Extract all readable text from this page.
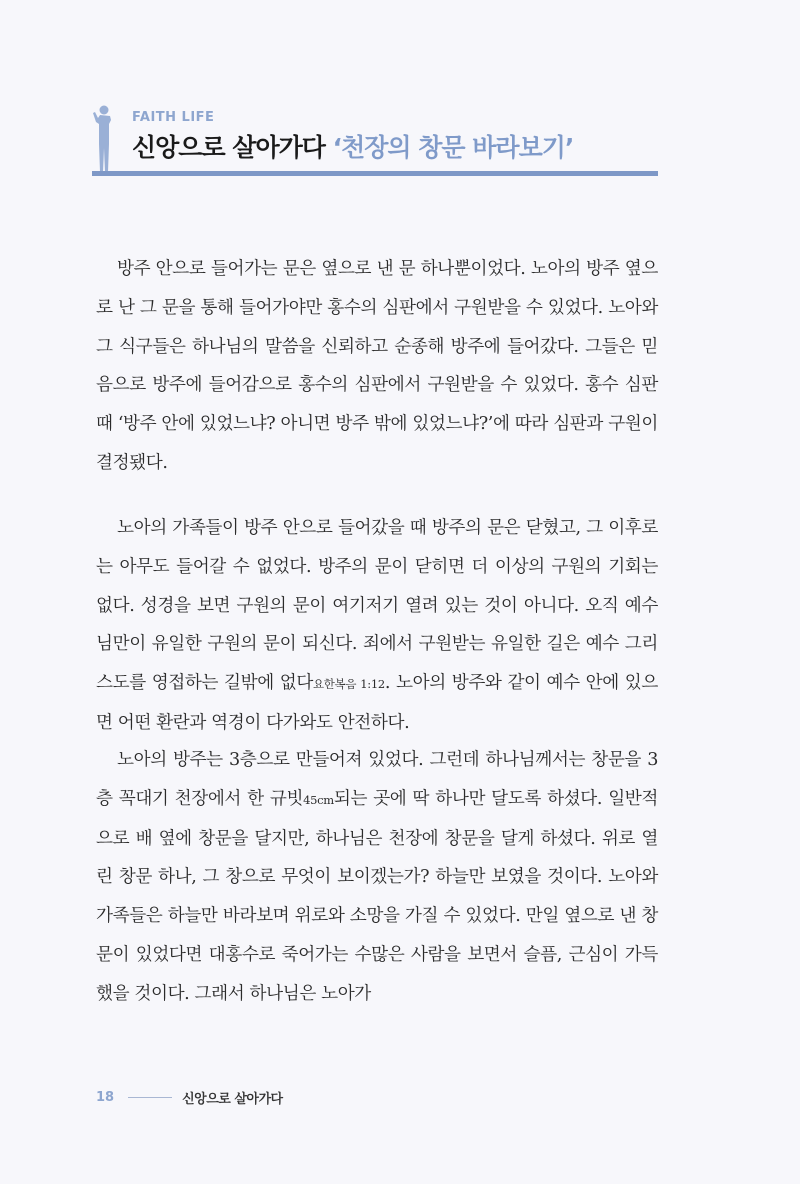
FAITH LIFE
신앙으로 살아가다 ‘천장의 창문 바라보기’

방주 안으로 들어가는 문은 옆으로 낸 문 하나뿐이었다. 노아의 방주 옆으로 난 그 문을 통해 들어가야만 홍수의 심판에서 구원받을 수 있었다. 노아와 그 식구들은 하나님의 말씀을 신뢰하고 순종해 방주에 들어갔다. 그들은 믿음으로 방주에 들어감으로 홍수의 심판에서 구원받을 수 있었다. 홍수 심판 때 ‘방주 안에 있었느냐? 아니면 방주 밖에 있었느냐?’에 따라 심판과 구원이 결정됐다.

노아의 가족들이 방주 안으로 들어갔을 때 방주의 문은 닫혔고, 그 이후로는 아무도 들어갈 수 없었다. 방주의 문이 닫히면 더 이상의 구원의 기회는 없다. 성경을 보면 구원의 문이 여기저기 열려 있는 것이 아니다. 오직 예수님만이 유일한 구원의 문이 되신다. 죄에서 구원받는 유일한 길은 예수 그리스도를 영접하는 길밖에 없다요한복음 1:12. 노아의 방주와 같이 예수 안에 있으면 어떤 환란과 역경이 다가와도 안전하다.

노아의 방주는 3층으로 만들어져 있었다. 그런데 하나님께서는 창문을 3층 꼭대기 천장에서 한 규빗45cm되는 곳에 딱 하나만 달도록 하셨다. 일반적으로 배 옆에 창문을 달지만, 하나님은 천장에 창문을 달게 하셨다. 위로 열린 창문 하나, 그 창으로 무엇이 보이겠는가? 하늘만 보였을 것이다. 노아와 가족들은 하늘만 바라보며 위로와 소망을 가질 수 있었다. 만일 옆으로 낸 창문이 있었다면 대홍수로 죽어가는 수많은 사람을 보면서 슬픔, 근심이 가득했을 것이다. 그래서 하나님은 노아가

18	신앙으로 살아가다
